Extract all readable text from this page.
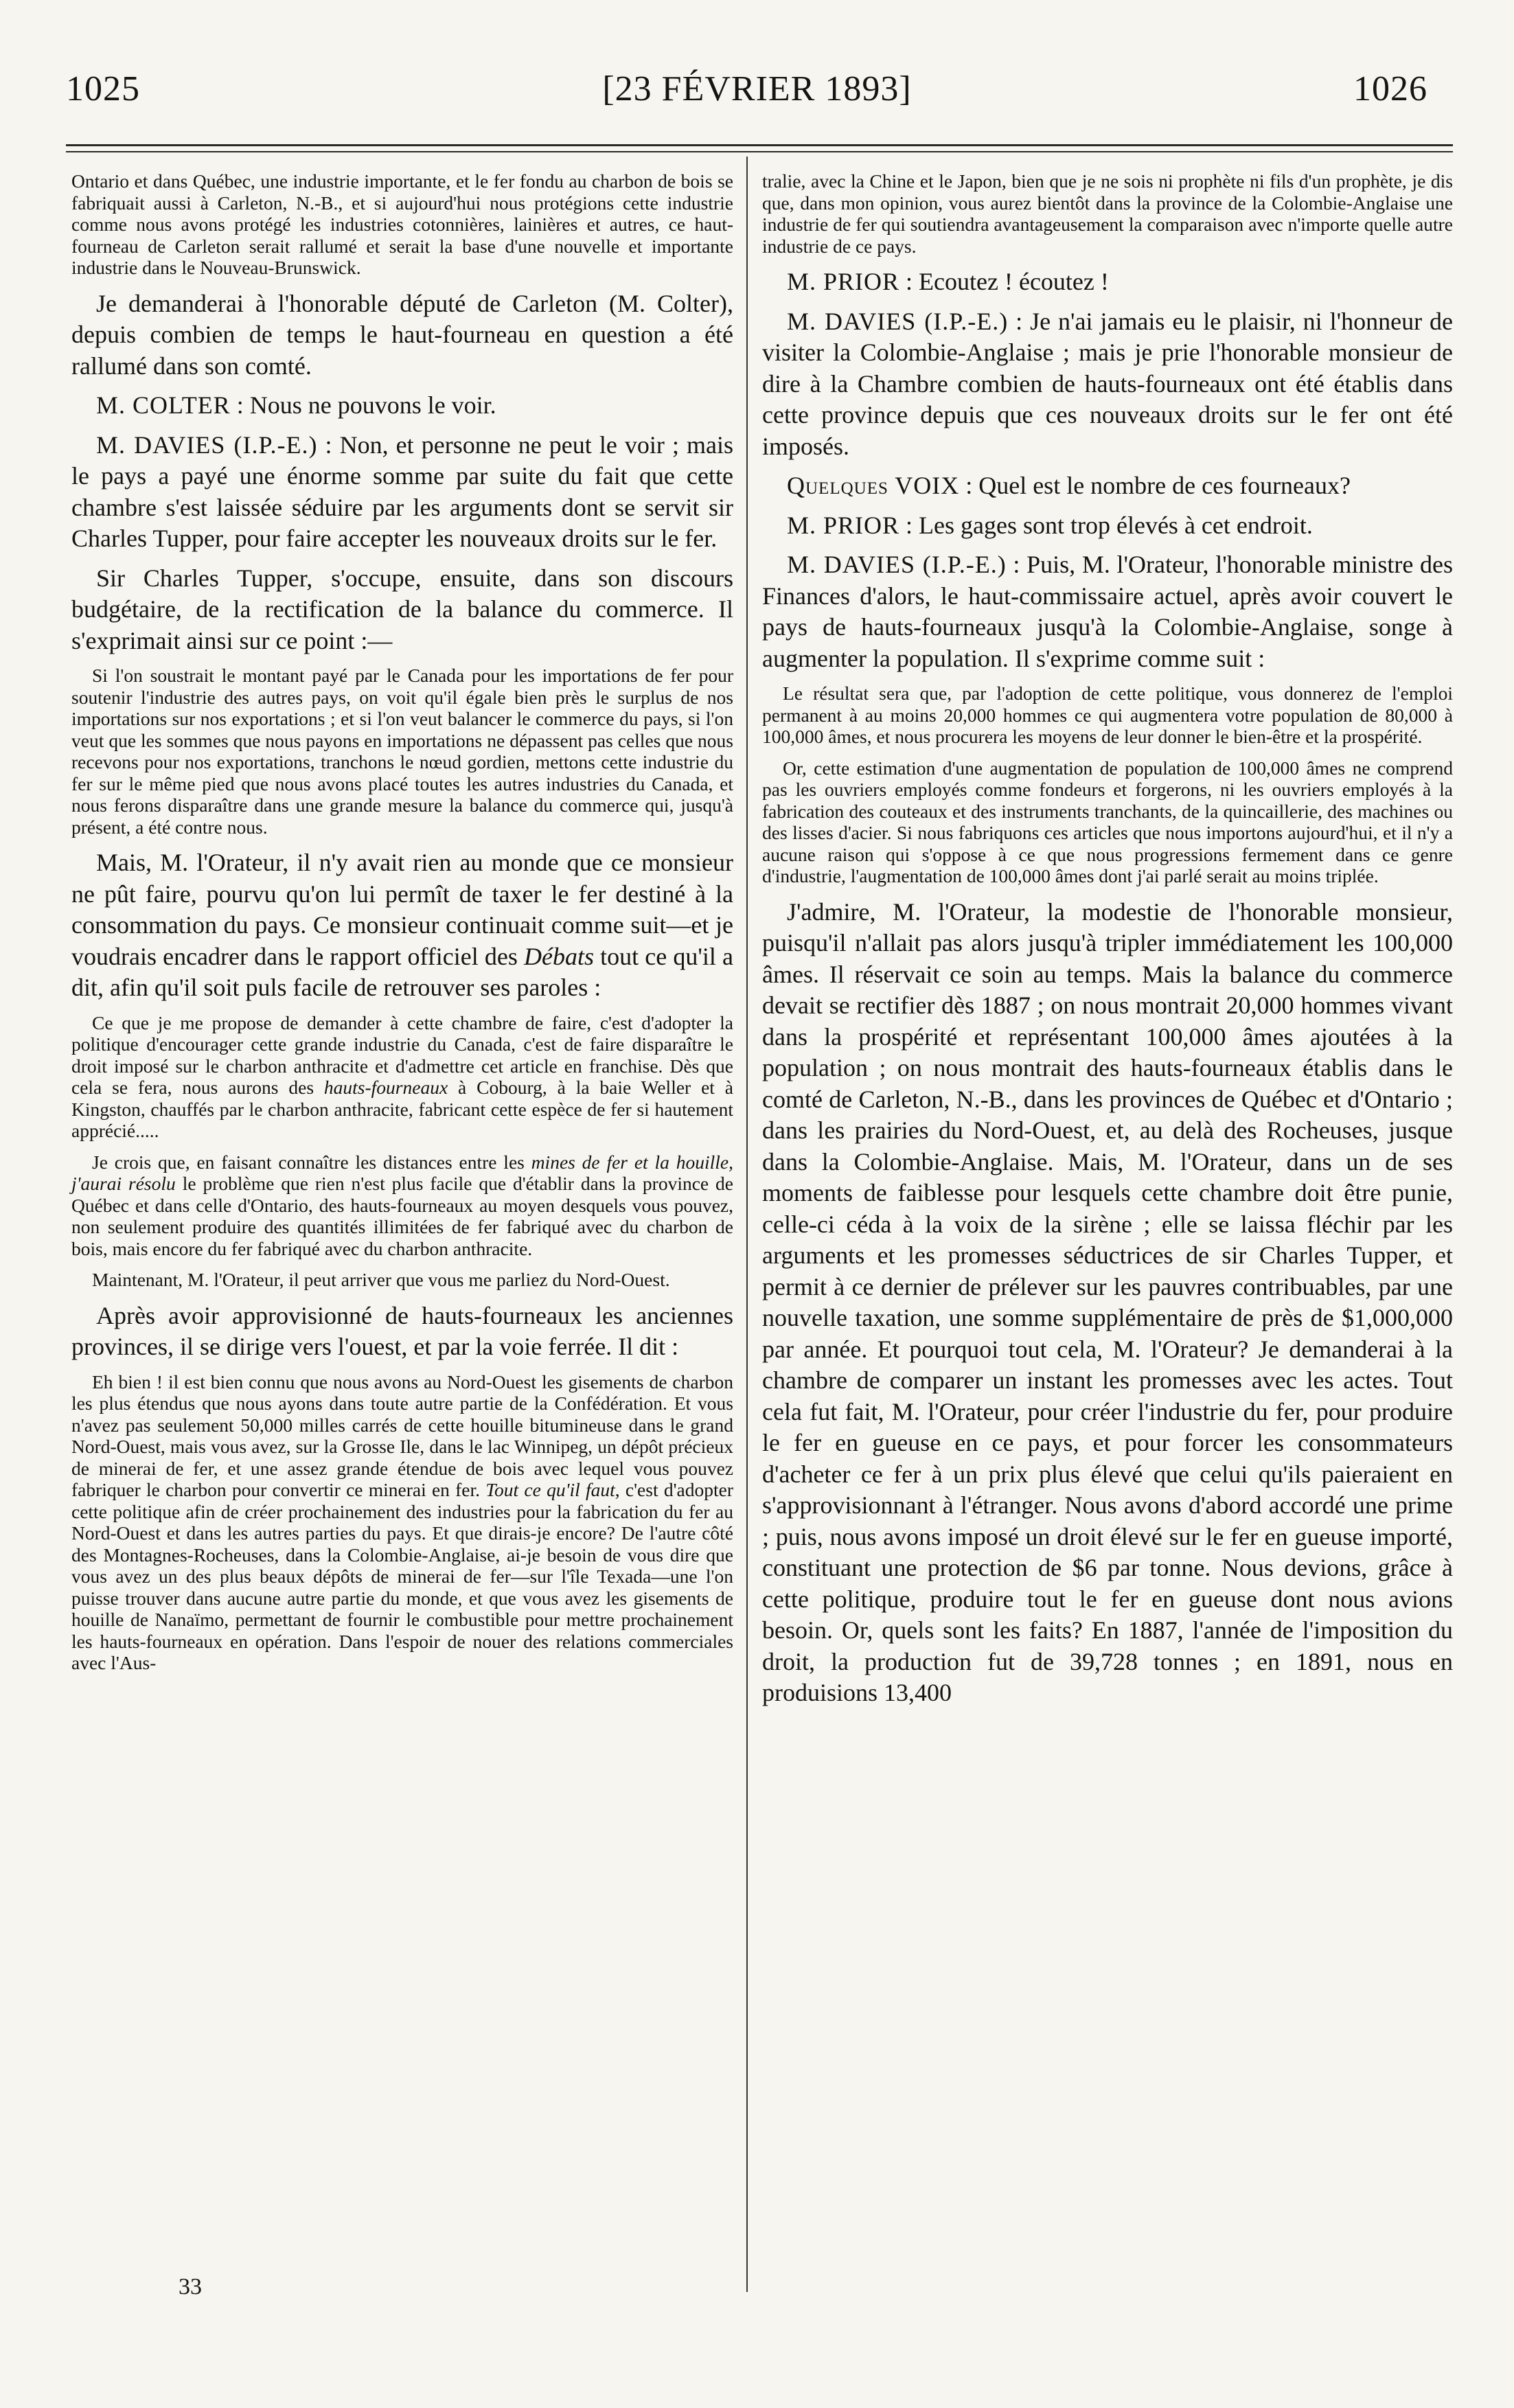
[23 FÉVRIER 1893]
1025	1026

Ontario et dans Québec, une industrie importante, et le fer fondu au charbon de bois se fabriquait aussi à Carleton, N.-B., et si aujourd'hui nous protégions cette industrie comme nous avons protégé les industries cotonnières, lainières et autres, ce haut-fourneau de Carleton serait rallumé et serait la base d'une nouvelle et importante industrie dans le Nouveau-Brunswick.

Je demanderai à l'honorable député de Carleton (M. Colter), depuis combien de temps le haut-fourneau en question a été rallumé dans son comté.

M. COLTER : Nous ne pouvons le voir.

M. DAVIES (I.P.-E.) : Non, et personne ne peut le voir ; mais le pays a payé une énorme somme par suite du fait que cette chambre s'est laissée séduire par les arguments dont se servit sir Charles Tupper, pour faire accepter les nouveaux droits sur le fer.

Sir Charles Tupper, s'occupe, ensuite, dans son discours budgétaire, de la rectification de la balance du commerce. Il s'exprimait ainsi sur ce point :—

Si l'on soustrait le montant payé par le Canada pour les importations de fer pour soutenir l'industrie des autres pays, on voit qu'il égale bien près le surplus de nos importations sur nos exportations ; et si l'on veut balancer le commerce du pays, si l'on veut que les sommes que nous payons en importations ne dépassent pas celles que nous recevons pour nos exportations, tranchons le nœud gordien, mettons cette industrie du fer sur le même pied que nous avons placé toutes les autres industries du Canada, et nous ferons disparaître dans une grande mesure la balance du commerce qui, jusqu'à présent, a été contre nous.

Mais, M. l'Orateur, il n'y avait rien au monde que ce monsieur ne pût faire, pourvu qu'on lui permît de taxer le fer destiné à la consommation du pays. Ce monsieur continuait comme suit—et je voudrais encadrer dans le rapport officiel des Débats tout ce qu'il a dit, afin qu'il soit puls facile de retrouver ses paroles :

Ce que je me propose de demander à cette chambre de faire, c'est d'adopter la politique d'encourager cette grande industrie du Canada, c'est de faire disparaître le droit imposé sur le charbon anthracite et d'admettre cet article en franchise. Dès que cela se fera, nous aurons des hauts-fourneaux à Cobourg, à la baie Weller et à Kingston, chauffés par le charbon anthracite, fabricant cette espèce de fer si hautement apprécié.....

Je crois que, en faisant connaître les distances entre les mines de fer et la houille, j'aurai résolu le problème que rien n'est plus facile que d'établir dans la province de Québec et dans celle d'Ontario, des hauts-fourneaux au moyen desquels vous pouvez, non seulement produire des quantités illimitées de fer fabriqué avec du charbon de bois, mais encore du fer fabriqué avec du charbon anthracite.

Maintenant, M. l'Orateur, il peut arriver que vous me parliez du Nord-Ouest.

Après avoir approvisionné de hauts-fourneaux les anciennes provinces, il se dirige vers l'ouest, et par la voie ferrée. Il dit :

Eh bien ! il est bien connu que nous avons au Nord-Ouest les gisements de charbon les plus étendus que nous ayons dans toute autre partie de la Confédération. Et vous n'avez pas seulement 50,000 milles carrés de cette houille bitumineuse dans le grand Nord-Ouest, mais vous avez, sur la Grosse Ile, dans le lac Winnipeg, un dépôt précieux de minerai de fer, et une assez grande étendue de bois avec lequel vous pouvez fabriquer le charbon pour convertir ce minerai en fer. Tout ce qu'il faut, c'est d'adopter cette politique afin de créer prochainement des industries pour la fabrication du fer au Nord-Ouest et dans les autres parties du pays. Et que dirais-je encore? De l'autre côté des Montagnes-Rocheuses, dans la Colombie-Anglaise, ai-je besoin de vous dire que vous avez un des plus beaux dépôts de minerai de fer—sur l'île Texada—une l'on puisse trouver dans aucune autre partie du monde, et que vous avez les gisements de houille de Nanaïmo, permettant de fournir le combustible pour mettre prochainement les hauts-fourneaux en opération. Dans l'espoir de nouer des relations commerciales avec l'Aus-

tralie, avec la Chine et le Japon, bien que je ne sois ni prophète ni fils d'un prophète, je dis que, dans mon opinion, vous aurez bientôt dans la province de la Colombie-Anglaise une industrie de fer qui soutiendra avantageusement la comparaison avec n'importe quelle autre industrie de ce pays.

M. PRIOR : Ecoutez ! écoutez !

M. DAVIES (I.P.-E.) : Je n'ai jamais eu le plaisir, ni l'honneur de visiter la Colombie-Anglaise ; mais je prie l'honorable monsieur de dire à la Chambre combien de hauts-fourneaux ont été établis dans cette province depuis que ces nouveaux droits sur le fer ont été imposés.

Quelques VOIX : Quel est le nombre de ces fourneaux?

M. PRIOR : Les gages sont trop élevés à cet endroit.

M. DAVIES (I.P.-E.) : Puis, M. l'Orateur, l'honorable ministre des Finances d'alors, le haut-commissaire actuel, après avoir couvert le pays de hauts-fourneaux jusqu'à la Colombie-Anglaise, songe à augmenter la population. Il s'exprime comme suit :

Le résultat sera que, par l'adoption de cette politique, vous donnerez de l'emploi permanent à au moins 20,000 hommes ce qui augmentera votre population de 80,000 à 100,000 âmes, et nous procurera les moyens de leur donner le bien-être et la prospérité.

Or, cette estimation d'une augmentation de population de 100,000 âmes ne comprend pas les ouvriers employés comme fondeurs et forgerons, ni les ouvriers employés à la fabrication des couteaux et des instruments tranchants, de la quincaillerie, des machines ou des lisses d'acier. Si nous fabriquons ces articles que nous importons aujourd'hui, et il n'y a aucune raison qui s'oppose à ce que nous progressions fermement dans ce genre d'industrie, l'augmentation de 100,000 âmes dont j'ai parlé serait au moins triplée.

J'admire, M. l'Orateur, la modestie de l'honorable monsieur, puisqu'il n'allait pas alors jusqu'à tripler immédiatement les 100,000 âmes. Il réservait ce soin au temps. Mais la balance du commerce devait se rectifier dès 1887 ; on nous montrait 20,000 hommes vivant dans la prospérité et représentant 100,000 âmes ajoutées à la population ; on nous montrait des hauts-fourneaux établis dans le comté de Carleton, N.-B., dans les provinces de Québec et d'Ontario ; dans les prairies du Nord-Ouest, et, au delà des Rocheuses, jusque dans la Colombie-Anglaise. Mais, M. l'Orateur, dans un de ses moments de faiblesse pour lesquels cette chambre doit être punie, celle-ci céda à la voix de la sirène ; elle se laissa fléchir par les arguments et les promesses séductrices de sir Charles Tupper, et permit à ce dernier de prélever sur les pauvres contribuables, par une nouvelle taxation, une somme supplémentaire de près de $1,000,000 par année. Et pourquoi tout cela, M. l'Orateur? Je demanderai à la chambre de comparer un instant les promesses avec les actes. Tout cela fut fait, M. l'Orateur, pour créer l'industrie du fer, pour produire le fer en gueuse en ce pays, et pour forcer les consommateurs d'acheter ce fer à un prix plus élevé que celui qu'ils paieraient en s'approvisionnant à l'étranger. Nous avons d'abord accordé une prime ; puis, nous avons imposé un droit élevé sur le fer en gueuse importé, constituant une protection de $6 par tonne. Nous devions, grâce à cette politique, produire tout le fer en gueuse dont nous avions besoin. Or, quels sont les faits? En 1887, l'année de l'imposition du droit, la production fut de 39,728 tonnes ; en 1891, nous en produisions 13,400

33
